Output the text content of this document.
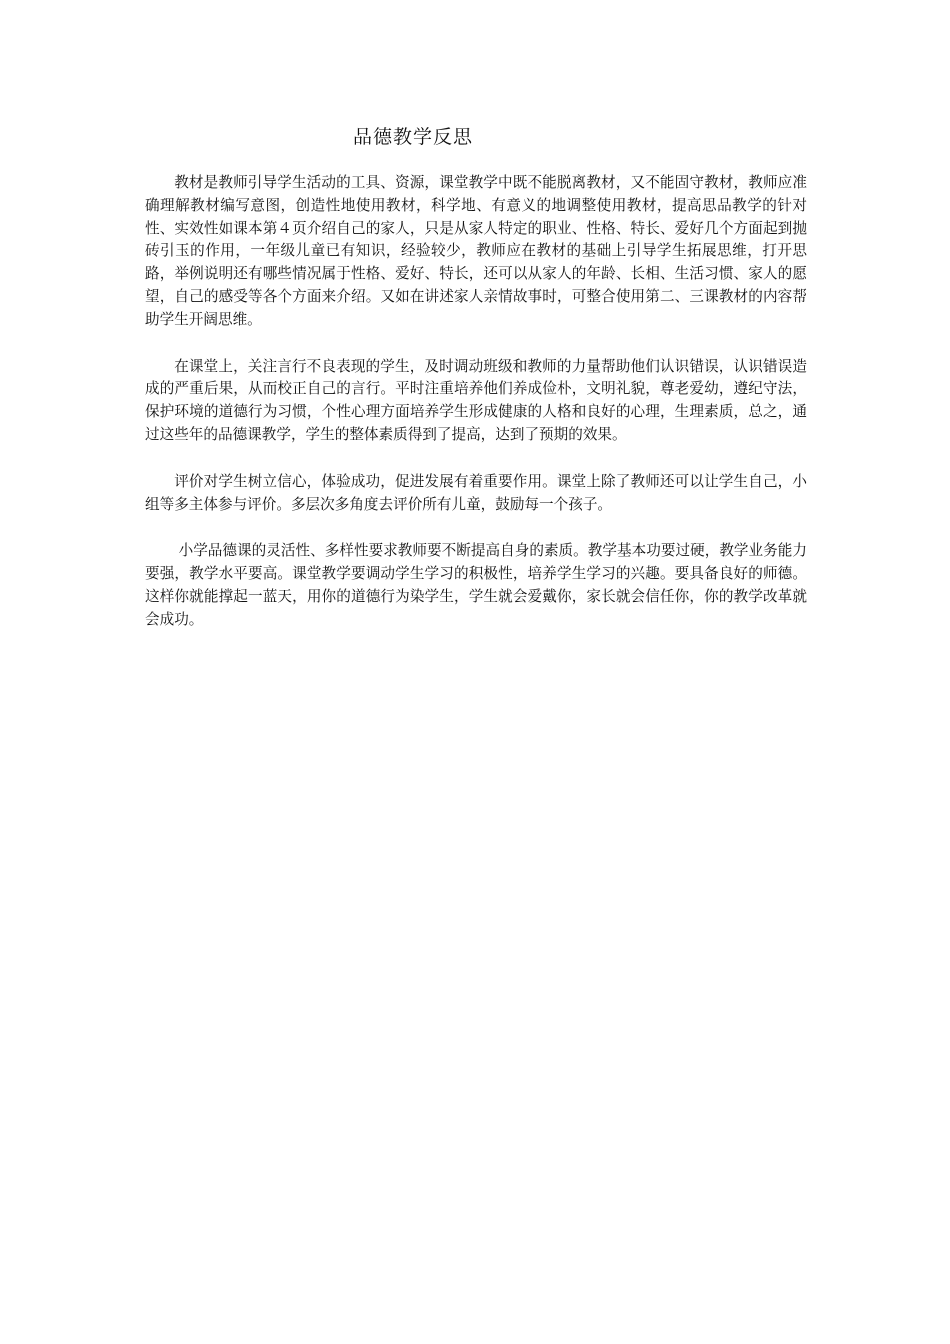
品德教学反思

教材是教师引导学生活动的工具、资源，课堂教学中既不能脱离教材，又不能固守教材，教师应准确理解教材编写意图，创造性地使用教材，科学地、有意义的地调整使用教材，提高思品教学的针对性、实效性如课本第４页介绍自己的家人，只是从家人特定的职业、性格、特长、爱好几个方面起到抛砖引玉的作用，一年级儿童已有知识，经验较少，教师应在教材的基础上引导学生拓展思维，打开思路，举例说明还有哪些情况属于性格、爱好、特长，还可以从家人的年龄、长相、生活习惯、家人的愿望，自己的感受等各个方面来介绍。又如在讲述家人亲情故事时，可整合使用第二、三课教材的内容帮助学生开阔思维。

在课堂上，关注言行不良表现的学生，及时调动班级和教师的力量帮助他们认识错误，认识错误造成的严重后果，从而校正自己的言行。平时注重培养他们养成俭朴，文明礼貌，尊老爱幼，遵纪守法，保护环境的道德行为习惯，个性心理方面培养学生形成健康的人格和良好的心理，生理素质，总之，通过这些年的品德课教学，学生的整体素质得到了提高，达到了预期的效果。

评价对学生树立信心，体验成功，促进发展有着重要作用。课堂上除了教师还可以让学生自己，小组等多主体参与评价。多层次多角度去评价所有儿童，鼓励每一个孩子。

小学品德课的灵活性、多样性要求教师要不断提高自身的素质。教学基本功要过硬，教学业务能力要强，教学水平要高。课堂教学要调动学生学习的积极性，培养学生学习的兴趣。要具备良好的师德。这样你就能撑起一蓝天，用你的道德行为染学生，学生就会爱戴你，家长就会信任你，你的教学改革就会成功。
